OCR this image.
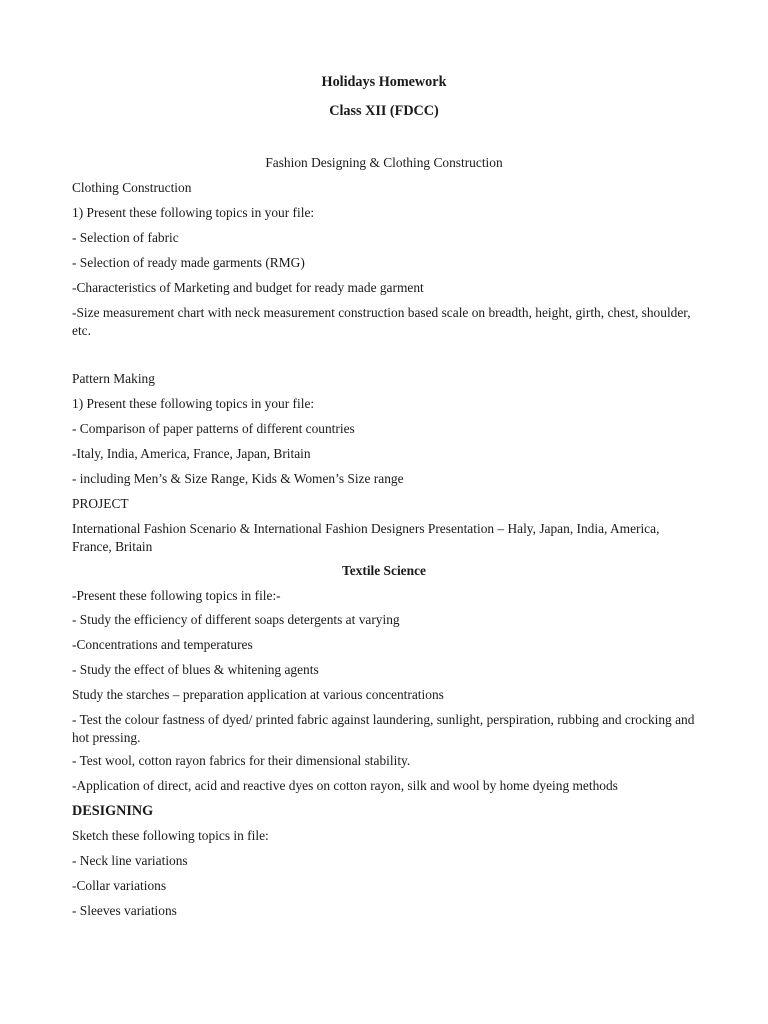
Holidays Homework
Class XII (FDCC)
Fashion Designing & Clothing Construction
Clothing Construction
1) Present these following topics in your file:
- Selection of fabric
- Selection of ready made garments (RMG)
-Characteristics of Marketing and budget for ready made garment
-Size measurement chart with neck measurement construction based scale on breadth, height, girth, chest, shoulder, etc.
Pattern Making
1) Present these following topics in your file:
- Comparison of paper patterns of different countries
-Italy, India, America, France, Japan, Britain
- including Men’s & Size Range, Kids & Women’s Size range
PROJECT
International Fashion Scenario & International Fashion Designers Presentation – Haly, Japan, India, America, France, Britain
Textile Science
-Present these following topics in file:-
- Study the efficiency of different soaps detergents at varying
-Concentrations and temperatures
- Study the effect of blues & whitening agents
Study the starches – preparation application at various concentrations
- Test the colour fastness of dyed/ printed fabric against laundering, sunlight, perspiration, rubbing and crocking and hot pressing.
- Test wool, cotton rayon fabrics for their dimensional stability.
-Application of direct, acid and reactive dyes on cotton rayon, silk and wool by home dyeing methods
DESIGNING
Sketch these following topics in file:
- Neck line variations
-Collar variations
- Sleeves variations
